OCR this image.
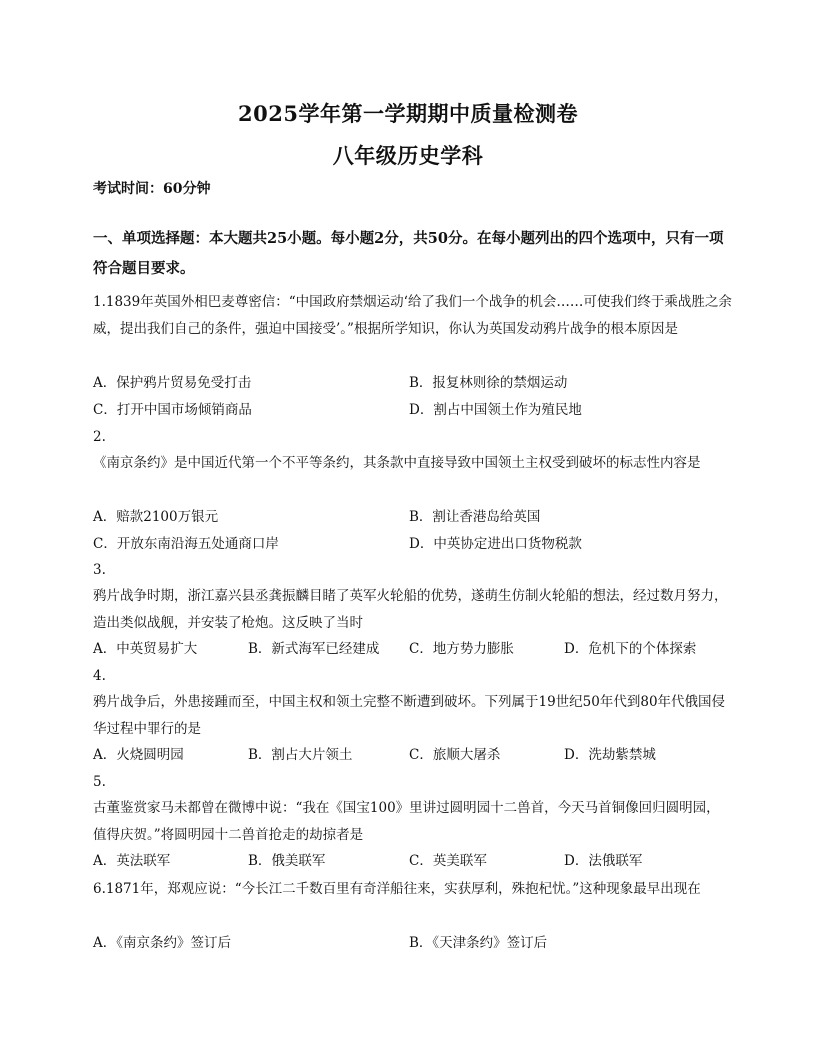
2025学年第一学期期中质量检测卷
八年级历史学科
考试时间：60分钟
一、单项选择题：本大题共25小题。每小题2分，共50分。在每小题列出的四个选项中，只有一项符合题目要求。
1.1839年英国外相巴麦尊密信：“中国政府禁烟运动‘给了我们一个战争的机会……可使我们终于乘战胜之余威，提出我们自己的条件，强迫中国接受’。”根据所学知识，你认为英国发动鸦片战争的根本原因是
A．保护鸦片贸易免受打击	B．报复林则徐的禁烟运动
C．打开中国市场倾销商品	D．割占中国领土作为殖民地
2.
《南京条约》是中国近代第一个不平等条约，其条款中直接导致中国领土主权受到破坏的标志性内容是
A．赔款2100万银元	B．割让香港岛给英国
C．开放东南沿海五处通商口岸	D．中英协定进出口货物税款
3.
鸦片战争时期，浙江嘉兴县丞龚振麟目睹了英军火轮船的优势，遂萌生仿制火轮船的想法，经过数月努力，造出类似战舰，并安装了枪炮。这反映了当时
A．中英贸易扩大	B．新式海军已经建成 C．地方势力膨胀	D．危机下的个体探索
4.
鸦片战争后，外患接踵而至，中国主权和领土完整不断遭到破坏。下列属于19世纪50年代到80年代俄国侵华过程中罪行的是
A．火烧圆明园	B．割占大片领土	C．旅顺大屠杀	D．洗劫紫禁城
5.
古董鉴赏家马未都曾在微博中说：“我在《国宝100》里讲过圆明园十二兽首，今天马首铜像回归圆明园，值得庆贺。”将圆明园十二兽首抢走的劫掠者是
A．英法联军	B．俄美联军	C．英美联军	D．法俄联军
6.1871年，郑观应说：“今长江二千数百里有奇洋船往来，实获厚利，殊抱杞忧。”这种现象最早出现在
A．《南京条约》签订后	B．《天津条约》签订后
